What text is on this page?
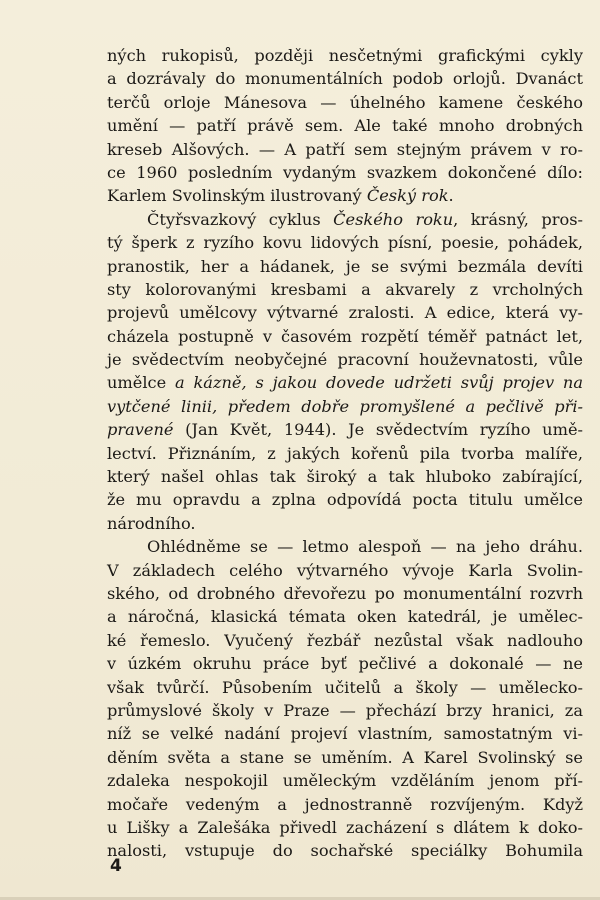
ných rukopisů, později nesčetnými grafickými cykly
a dozrávaly do monumentálních podob orlojů. Dvanáct
terčů orloje Mánesova — úhelného kamene českého
umění — patří právě sem. Ale také mnoho drobných
kreseb Alšových. — A patří sem stejným právem v ro-
ce 1960 posledním vydaným svazkem dokončené dílo:
Karlem Svolinským ilustrovaný Český rok.
Čtyřsvazkový cyklus Českého roku, krásný, pros-
tý šperk z ryzího kovu lidových písní, poesie, pohádek,
pranostik, her a hádanek, je se svými bezmála devíti
sty kolorovanými kresbami a akvarely z vrcholných
projevů umělcovy výtvarné zralosti. A edice, která vy-
cházela postupně v časovém rozpětí téměř patnáct let,
je svědectvím neobyčejné pracovní houževnatosti, vůle
umělce a kázně, s jakou dovede udržeti svůj projev na
vytčené linii, předem dobře promyšlené a pečlivě při-
pravené (Jan Květ, 1944). Je svědectvím ryzího umě-
lectví. Přiznáním, z jakých kořenů pila tvorba malíře,
který našel ohlas tak široký a tak hluboko zabírající,
že mu opravdu a zplna odpovídá pocta titulu umělce
národního.
Ohlédněme se — letmo alespoň — na jeho dráhu.
V základech celého výtvarného vývoje Karla Svolin-
ského, od drobného dřevořezu po monumentální rozvrh
a náročná, klasická témata oken katedrál, je umělec-
ké řemeslo. Vyučený řezbář nezůstal však nadlouho
v úzkém okruhu práce byť pečlivé a dokonalé — ne
však tvůrčí. Působením učitelů a školy — umělecko-
průmyslové školy v Praze — přechází brzy hranici, za
níž se velké nadání projeví vlastním, samostatným vi-
děním světa a stane se uměním. A Karel Svolinský se
zdaleka nespokojil uměleckým vzděláním jenom pří-
močaře vedeným a jednostranně rozvíjeným. Když
u Lišky a Zalešáka přivedl zacházení s dlátem k doko-
nalosti, vstupuje do sochařské speciálky Bohumila
4
